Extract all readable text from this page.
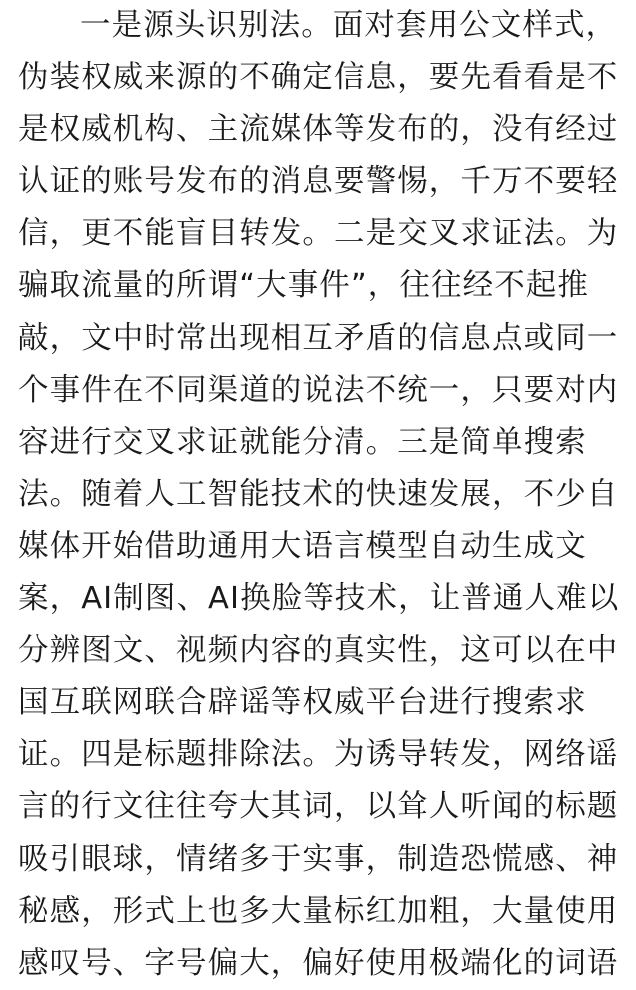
一是源头识别法。面对套用公文样式，

伪装权威来源的不确定信息，要先看看是不

是权威机构、主流媒体等发布的，没有经过

认证的账号发布的消息要警惕，千万不要轻

信，更不能盲目转发。二是交叉求证法。为

骗取流量的所谓“大事件”，往往经不起推

敲，文中时常出现相互矛盾的信息点或同一

个事件在不同渠道的说法不统一，只要对内

容进行交叉求证就能分清。三是简单搜索

法。随着人工智能技术的快速发展，不少自

媒体开始借助通用大语言模型自动生成文

案，AI制图、AI换脸等技术，让普通人难以

分辨图文、视频内容的真实性，这可以在中

国互联网联合辟谣等权威平台进行搜索求

证。四是标题排除法。为诱导转发，网络谣

言的行文往往夸大其词，以耸人听闻的标题

吸引眼球，情绪多于实事，制造恐慌感、神

秘感，形式上也多大量标红加粗，大量使用

感叹号、字号偏大，偏好使用极端化的词语
